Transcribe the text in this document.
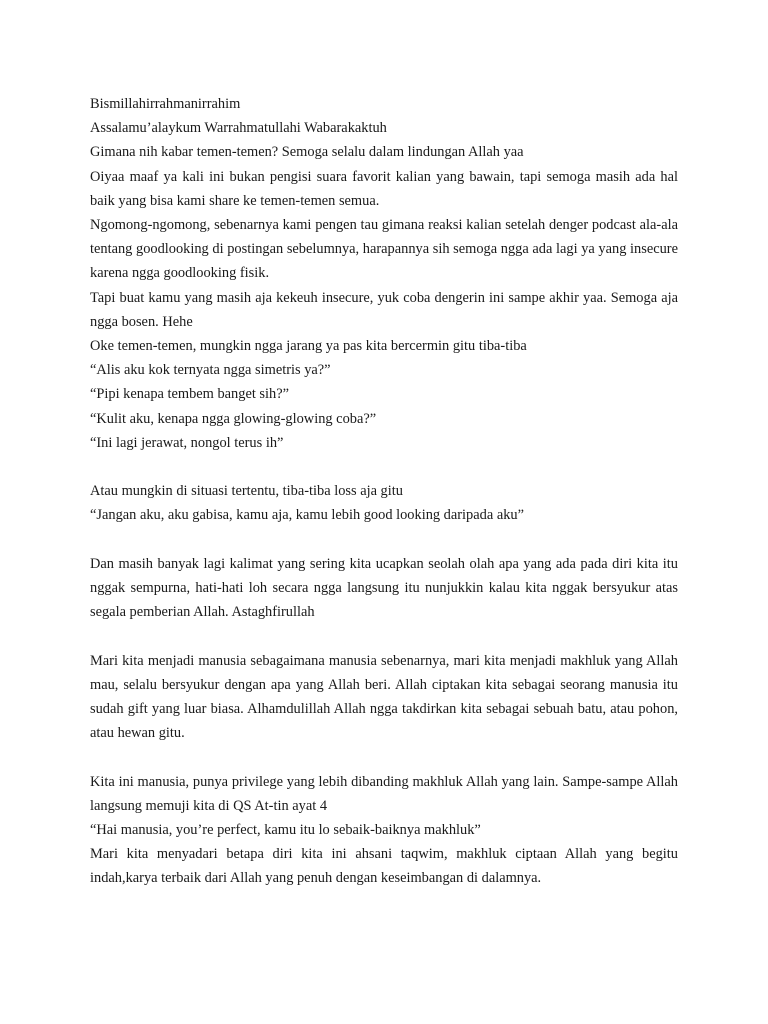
Bismillahirrahmanirrahim

Assalamu’alaykum Warrahmatullahi Wabarakaktuh

Gimana nih kabar temen-temen? Semoga selalu dalam lindungan Allah yaa

Oiyaa maaf ya kali ini bukan pengisi suara favorit kalian yang bawain, tapi semoga masih ada hal baik yang bisa kami share ke temen-temen semua.

Ngomong-ngomong, sebenarnya kami pengen tau gimana reaksi kalian setelah denger podcast ala-ala tentang goodlooking di postingan sebelumnya, harapannya sih semoga ngga ada lagi ya yang insecure karena ngga goodlooking fisik.

Tapi buat kamu yang masih aja kekeuh insecure, yuk coba dengerin ini sampe akhir yaa. Semoga aja ngga bosen. Hehe

Oke temen-temen, mungkin ngga jarang ya pas kita bercermin gitu tiba-tiba

“Alis aku kok ternyata ngga simetris ya?”

“Pipi kenapa tembem banget sih?”

“Kulit aku, kenapa ngga glowing-glowing coba?”

“Ini lagi jerawat, nongol terus ih”

Atau mungkin di situasi tertentu, tiba-tiba loss aja gitu

“Jangan aku, aku gabisa, kamu aja, kamu lebih good looking daripada aku”

Dan masih banyak lagi kalimat yang sering kita ucapkan seolah olah apa yang ada pada diri kita itu nggak sempurna, hati-hati loh secara ngga langsung itu nunjukkin kalau kita nggak bersyukur atas segala pemberian Allah. Astaghfirullah

Mari kita menjadi manusia sebagaimana manusia sebenarnya, mari kita menjadi makhluk yang Allah mau, selalu bersyukur dengan apa yang Allah beri. Allah ciptakan kita sebagai seorang manusia itu sudah gift yang luar biasa. Alhamdulillah Allah ngga takdirkan kita sebagai sebuah batu, atau pohon, atau hewan gitu.

Kita ini manusia, punya privilege yang lebih dibanding makhluk Allah yang lain. Sampe-sampe Allah langsung memuji kita di QS At-tin ayat 4

“Hai manusia, you’re perfect, kamu itu lo sebaik-baiknya makhluk”

Mari kita menyadari betapa diri kita ini ahsani taqwim, makhluk ciptaan Allah yang begitu indah,karya terbaik dari Allah yang penuh dengan keseimbangan di dalamnya.
